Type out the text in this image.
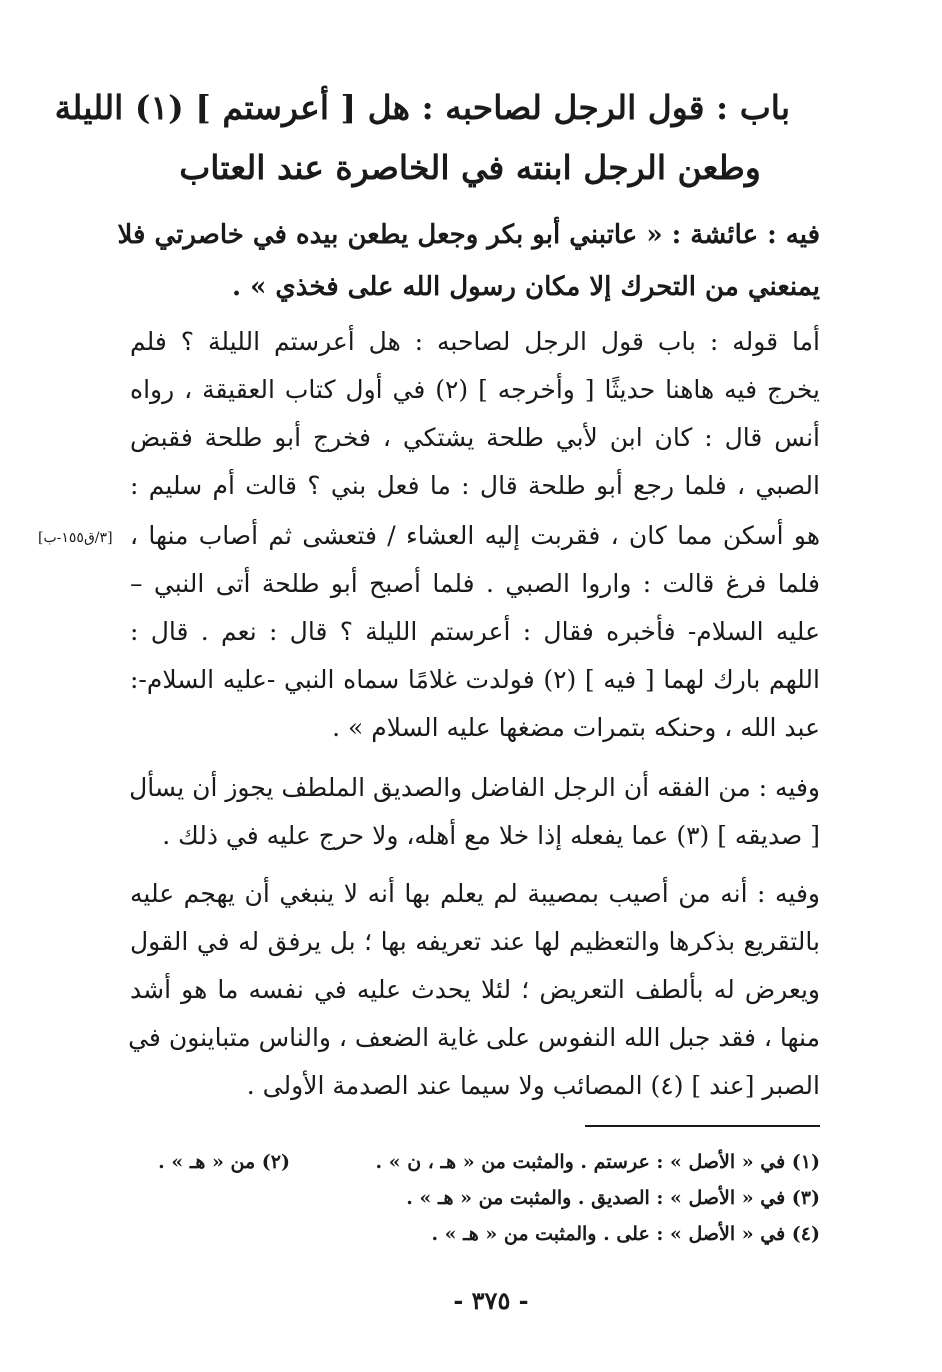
باب : قول الرجل لصاحبه : هل [ أعرستم ] (١) الليلة
وطعن الرجل ابنته في الخاصرة عند العتاب
فيه : عائشة : « عاتبني أبو بكر وجعل يطعن بيده في خاصرتي فلا
يمنعني من التحرك إلا مكان رسول الله على فخذي » .
أما قوله : باب قول الرجل لصاحبه : هل أعرستم الليلة ؟ فلم
يخرج فيه هاهنا حديثًا [ وأخرجه ] (٢) في أول كتاب العقيقة ، رواه
أنس قال : كان ابن لأبي طلحة يشتكي ، فخرج أبو طلحة فقبض
الصبي ، فلما رجع أبو طلحة قال : ما فعل بني ؟ قالت أم سليم :
هو أسكن مما كان ، فقربت إليه العشاء / فتعشى ثم أصاب منها ،
فلما فرغ قالت : واروا الصبي . فلما أصبح أبو طلحة أتى النبي –
عليه السلام- فأخبره فقال : أعرستم الليلة ؟ قال : نعم . قال :
اللهم بارك لهما [ فيه ] (٢) فولدت غلامًا سماه النبي -عليه السلام-:
عبد الله ، وحنكه بتمرات مضغها عليه السلام » .
[٣/ق١٥٥-ب]
وفيه : من الفقه أن الرجل الفاضل والصديق الملطف يجوز أن يسأل
[ صديقه ] (٣) عما يفعله إذا خلا مع أهله، ولا حرج عليه في ذلك .
وفيه : أنه من أصيب بمصيبة لم يعلم بها أنه لا ينبغي أن يهجم عليه
بالتقريع بذكرها والتعظيم لها عند تعريفه بها ؛ بل يرفق له في القول
ويعرض له بألطف التعريض ؛ لئلا يحدث عليه في نفسه ما هو أشد
منها ، فقد جبل الله النفوس على غاية الضعف ، والناس متباينون في
الصبر [عند ] (٤) المصائب ولا سيما عند الصدمة الأولى .
(١) في « الأصل » : عرستم . والمثبت من « هـ ، ن » .
(٢) من « هـ » .
(٣) في « الأصل » : الصديق . والمثبت من « هـ » .
(٤) في « الأصل » : على . والمثبت من « هـ » .
- ٣٧٥ -
